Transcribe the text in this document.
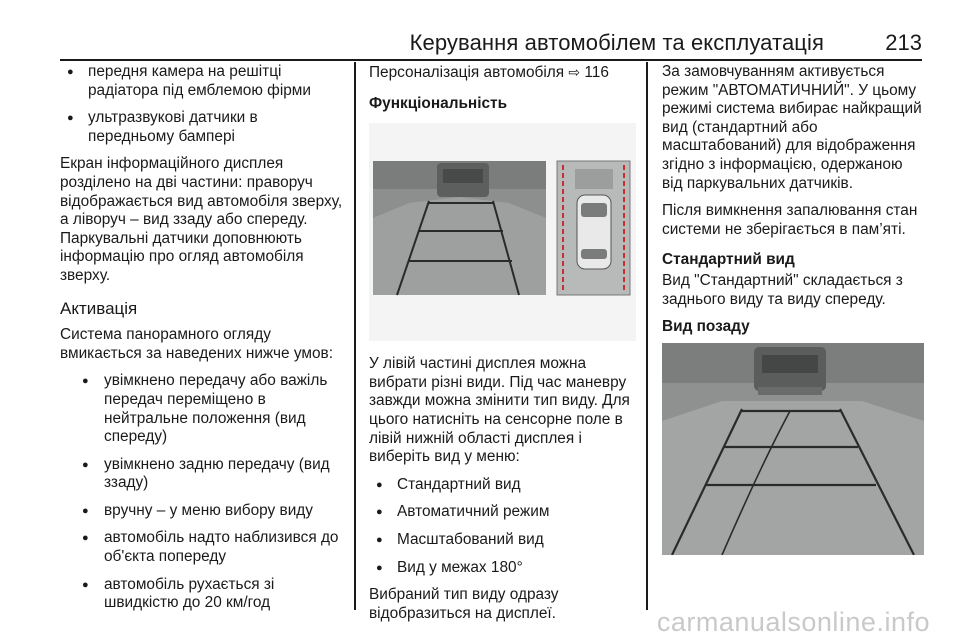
Керування автомобілем та експлуатація	213
● передня камера на решітці радіатора під емблемою фірми
● ультразвукові датчики в передньому бампері

Екран інформаційного дисплея розділено на дві частини: праворуч відображається вид автомобіля зверху, а ліворуч – вид ззаду або спереду. Паркувальні датчики доповнюють інформацію про огляд автомобіля зверху.

Активація

Система панорамного огляду вмикається за наведених нижче умов:

● увімкнено передачу або важіль передач переміщено в нейтральне положення (вид спереду)
● увімкнено задню передачу (вид ззаду)
● вручну – у меню вибору виду
● автомобіль надто наблизився до об'єкта попереду
● автомобіль рухається зі швидкістю до 20 км/год

Персоналізація автомобіля ⇨ 116

Функціональність

У лівій частині дисплея можна вибрати різні види. Під час маневру завжди можна змінити тип виду. Для цього натисніть на сенсорне поле в лівій нижній області дисплея і виберіть вид у меню:

● Стандартний вид
● Автоматичний режим
● Масштабований вид
● Вид у межах 180°

Вибраний тип виду одразу відобразиться на дисплеї.

За замовчуванням активується режим "АВТОМАТИЧНИЙ". У цьому режимі система вибирає найкращий вид (стандартний або масштабований) для відображення згідно з інформацією, одержаною від паркувальних датчиків.

Після вимкнення запалювання стан системи не зберігається в пам’яті.

Стандартний вид

Вид "Стандартний" складається з заднього виду та виду спереду.

Вид позаду
carmanualsonline.info
